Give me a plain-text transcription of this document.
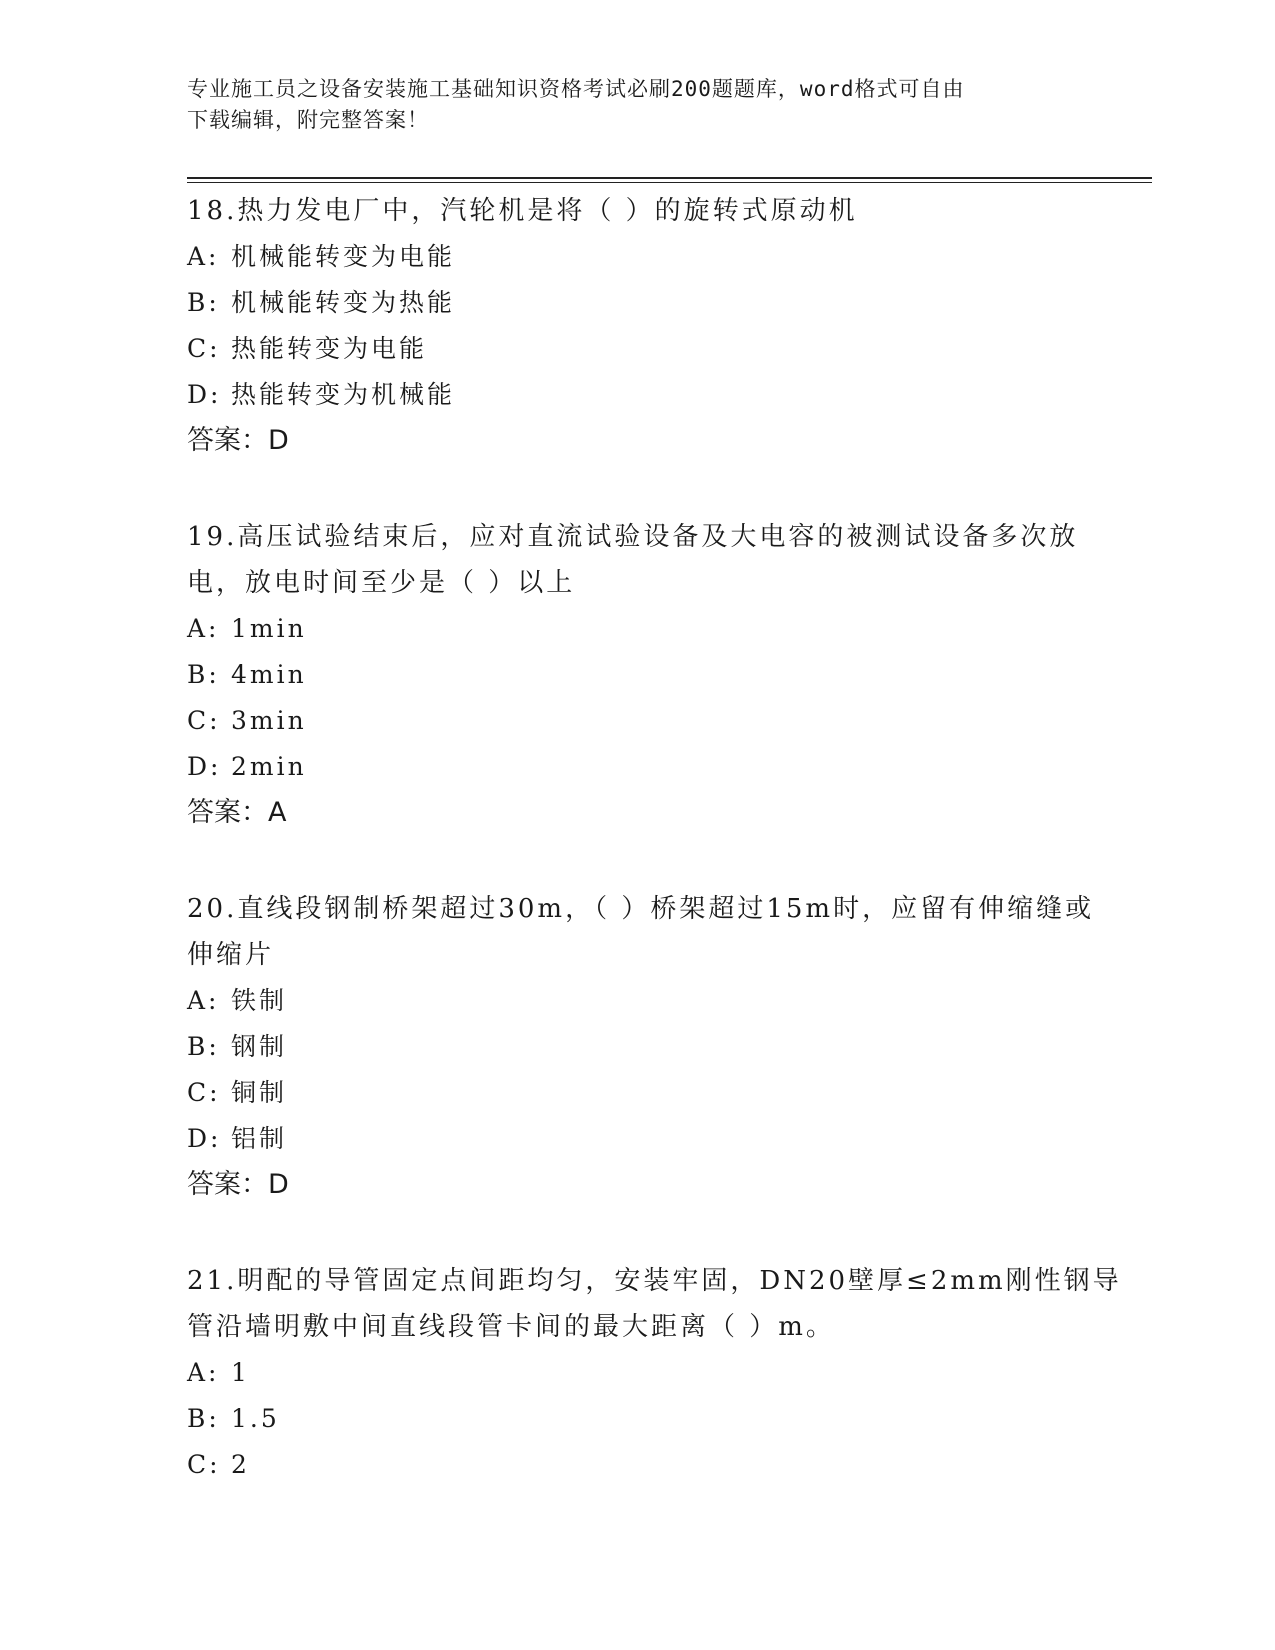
专业施工员之设备安装施工基础知识资格考试必刷200题题库，word格式可自由
下载编辑，附完整答案！
18.热力发电厂中，汽轮机是将（ ）的旋转式原动机
A: 机械能转变为电能
B: 机械能转变为热能
C: 热能转变为电能
D: 热能转变为机械能
答案：D
19.高压试验结束后，应对直流试验设备及大电容的被测试设备多次放
电，放电时间至少是（ ）以上
A: 1min
B: 4min
C: 3min
D: 2min
答案：A
20.直线段钢制桥架超过30m，（ ）桥架超过15m时，应留有伸缩缝或
伸缩片
A: 铁制
B: 钢制
C: 铜制
D: 铝制
答案：D
21.明配的导管固定点间距均匀，安装牢固，DN20壁厚≤2mm刚性钢导
管沿墙明敷中间直线段管卡间的最大距离（ ）m。
A: 1
B: 1.5
C: 2
